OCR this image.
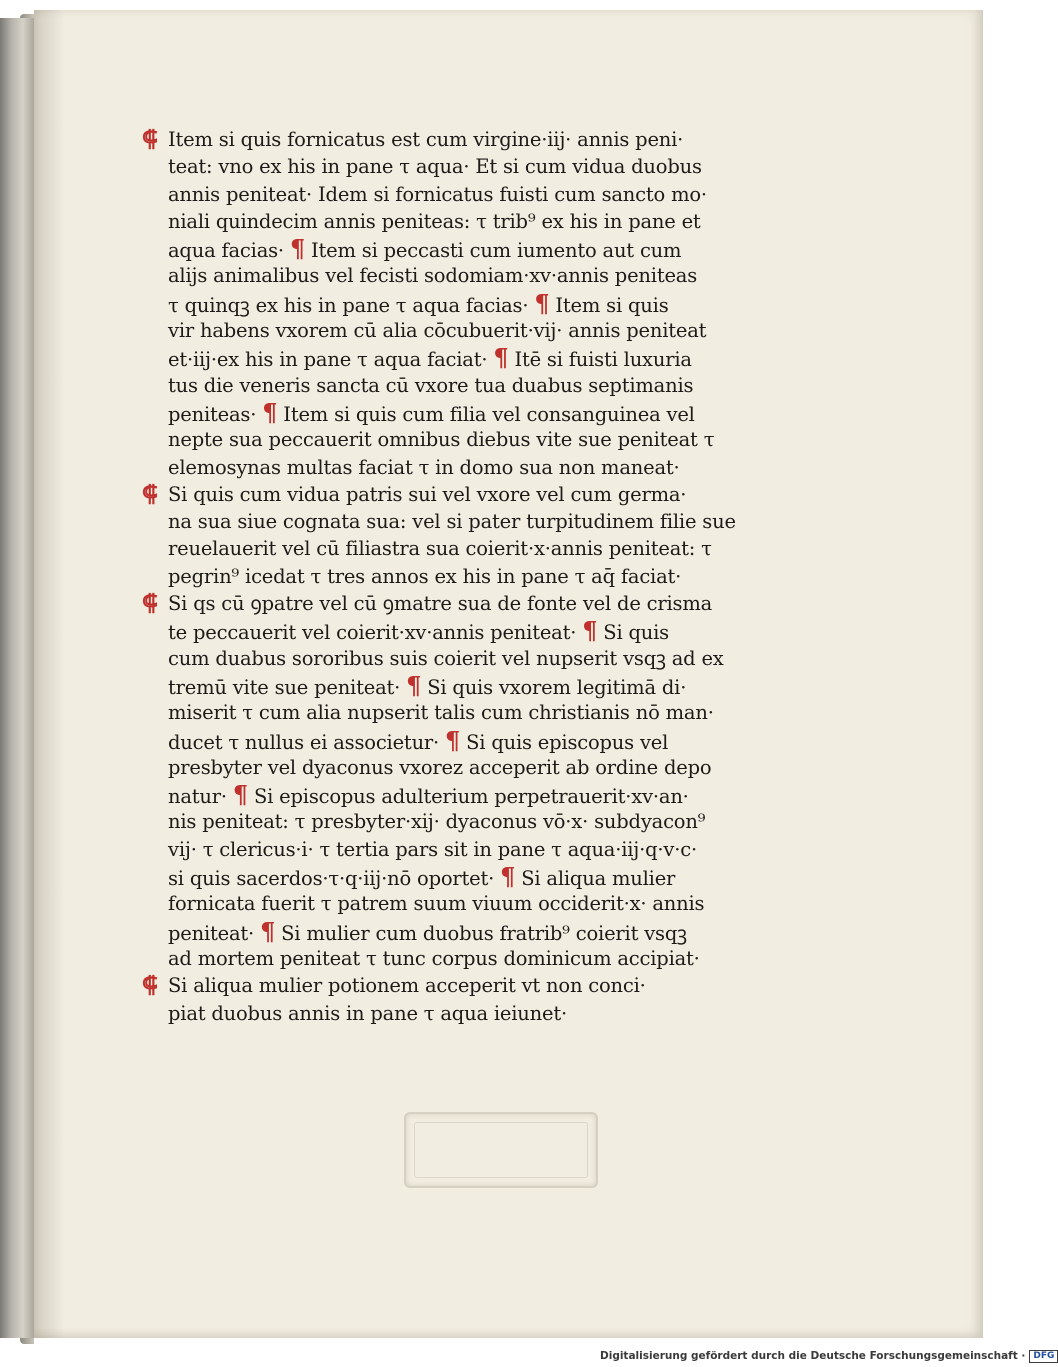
⸿ Item si quis fornicatus est cum virgine·iij· annis peni·
teat: vno ex his in pane τ aqua· Et si cum vidua duobus
annis peniteat· Idem si fornicatus fuisti cum sancto mo·
niali quindecim annis peniteas: τ trib⁹ ex his in pane et
aqua facias· ¶ Item si peccasti cum iumento aut cum
alijs animalibus vel fecisti sodomiam·xv·annis peniteas
τ quinqꝫ ex his in pane τ aqua facias· ¶ Item si quis
vir habens vxorem cū alia cōcubuerit·vij· annis peniteat
et·iij·ex his in pane τ aqua faciat· ¶ Itē si fuisti luxuria
tus die veneris sancta cū vxore tua duabus septimanis
peniteas· ¶ Item si quis cum filia vel consanguinea vel
nepte sua peccauerit omnibus diebus vite sue peniteat τ
elemosynas multas faciat τ in domo sua non maneat·
⸿ Si quis cum vidua patris sui vel vxore vel cum germa·
na sua siue cognata sua: vel si pater turpitudinem filie sue
reuelauerit vel cū filiastra sua coierit·x·annis peniteat: τ
pegrin⁹ icedat τ tres annos ex his in pane τ aq̄ faciat·
⸿ Si qs cū ꝯpatre vel cū ꝯmatre sua de fonte vel de crisma
te peccauerit vel coierit·xv·annis peniteat· ¶ Si quis
cum duabus sororibus suis coierit vel nupserit vsqꝫ ad ex
tremū vite sue peniteat· ¶ Si quis vxorem legitimā di·
miserit τ cum alia nupserit talis cum christianis nō man·
ducet τ nullus ei associetur· ¶ Si quis episcopus vel
presbyter vel dyaconus vxorez acceperit ab ordine depo
natur· ¶ Si episcopus adulterium perpetrauerit·xv·an·
nis peniteat: τ presbyter·xij· dyaconus vō·x· subdyacon⁹
vij· τ clericus·i· τ tertia pars sit in pane τ aqua·iij·q·v·c·
si quis sacerdos·τ·q·iij·nō oportet· ¶ Si aliqua mulier
fornicata fuerit τ patrem suum viuum occiderit·x· annis
peniteat· ¶ Si mulier cum duobus fratrib⁹ coierit vsqꝫ
ad mortem peniteat τ tunc corpus dominicum accipiat·
⸿ Si aliqua mulier potionem acceperit vt non conci·
piat duobus annis in pane τ aqua ieiunet·
Digitalisierung gefördert durch die Deutsche Forschungsgemeinschaft · DFG
